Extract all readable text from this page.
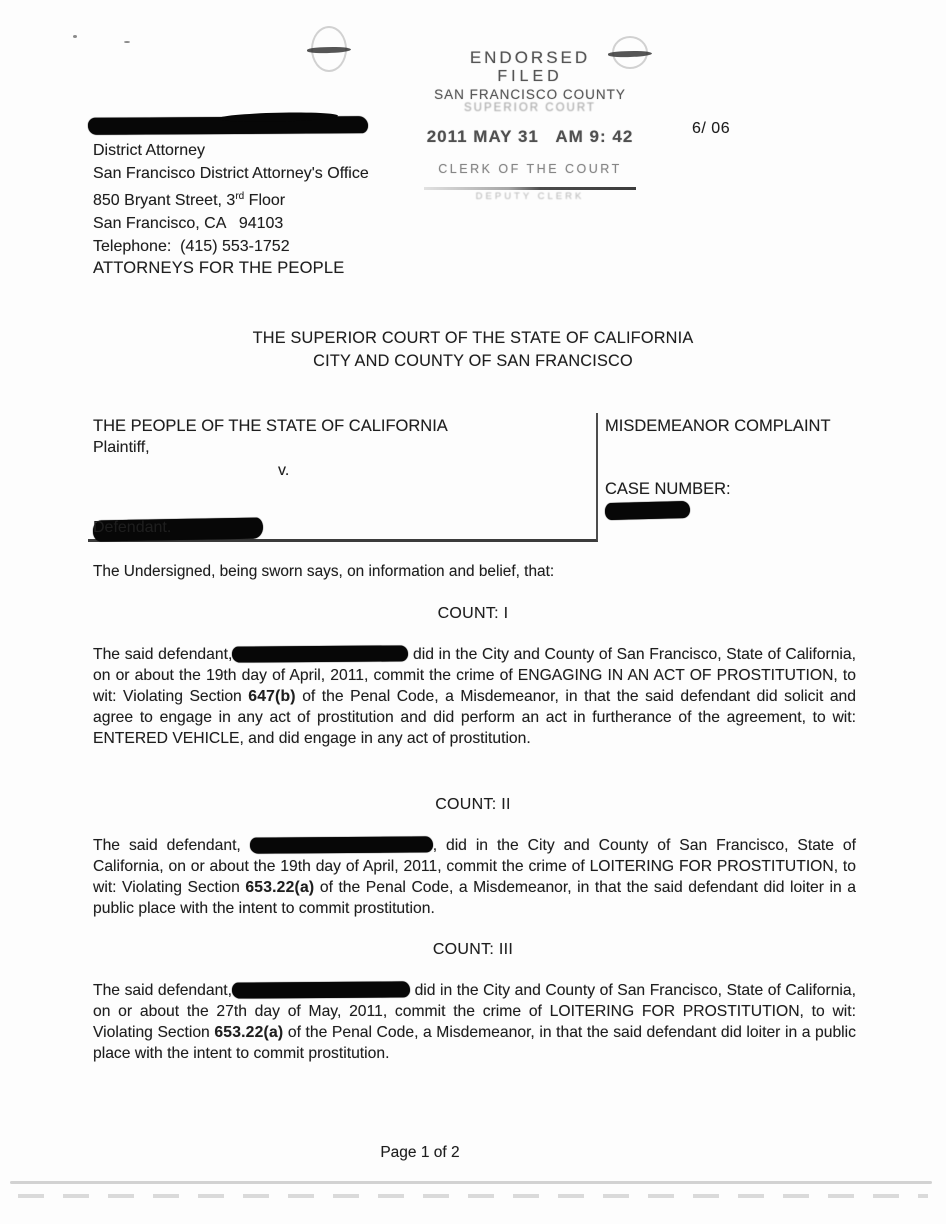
ENDORSED
FILED
SAN FRANCISCO COUNTY
SUPERIOR COURT
2011 MAY 31   AM 9: 42
CLERK OF THE COURT
DEPUTY CLERK
6/ 06
District Attorney
San Francisco District Attorney's Office
850 Bryant Street, 3rd Floor
San Francisco, CA   94103
Telephone:  (415) 553-1752
ATTORNEYS FOR THE PEOPLE
THE SUPERIOR COURT OF THE STATE OF CALIFORNIA
CITY AND COUNTY OF SAN FRANCISCO
THE PEOPLE OF THE STATE OF CALIFORNIA
Plaintiff,
v.
Defendant.
MISDEMEANOR COMPLAINT
CASE NUMBER:
The Undersigned, being sworn says, on information and belief, that:
COUNT: I

The said defendant,	did in the City and County of San Francisco, State of California, on or about the 19th day of April, 2011, commit the crime of ENGAGING IN AN ACT OF PROSTITUTION, to wit: Violating Section 647(b) of the Penal Code, a Misdemeanor, in that the said defendant did solicit and agree to engage in any act of prostitution and did perform an act in furtherance of the agreement, to wit: ENTERED VEHICLE, and did engage in any act of prostitution.

COUNT: II

The said defendant,	, did in the City and County of San Francisco, State of California, on or about the 19th day of April, 2011, commit the crime of LOITERING FOR PROSTITUTION, to wit: Violating Section 653.22(a) of the Penal Code, a Misdemeanor, in that the said defendant did loiter in a public place with the intent to commit prostitution.

COUNT: III

The said defendant,	did in the City and County of San Francisco, State of California, on or about the 27th day of May, 2011, commit the crime of LOITERING FOR PROSTITUTION, to wit: Violating Section 653.22(a) of the Penal Code, a Misdemeanor, in that the said defendant did loiter in a public place with the intent to commit prostitution.

Page 1 of 2
